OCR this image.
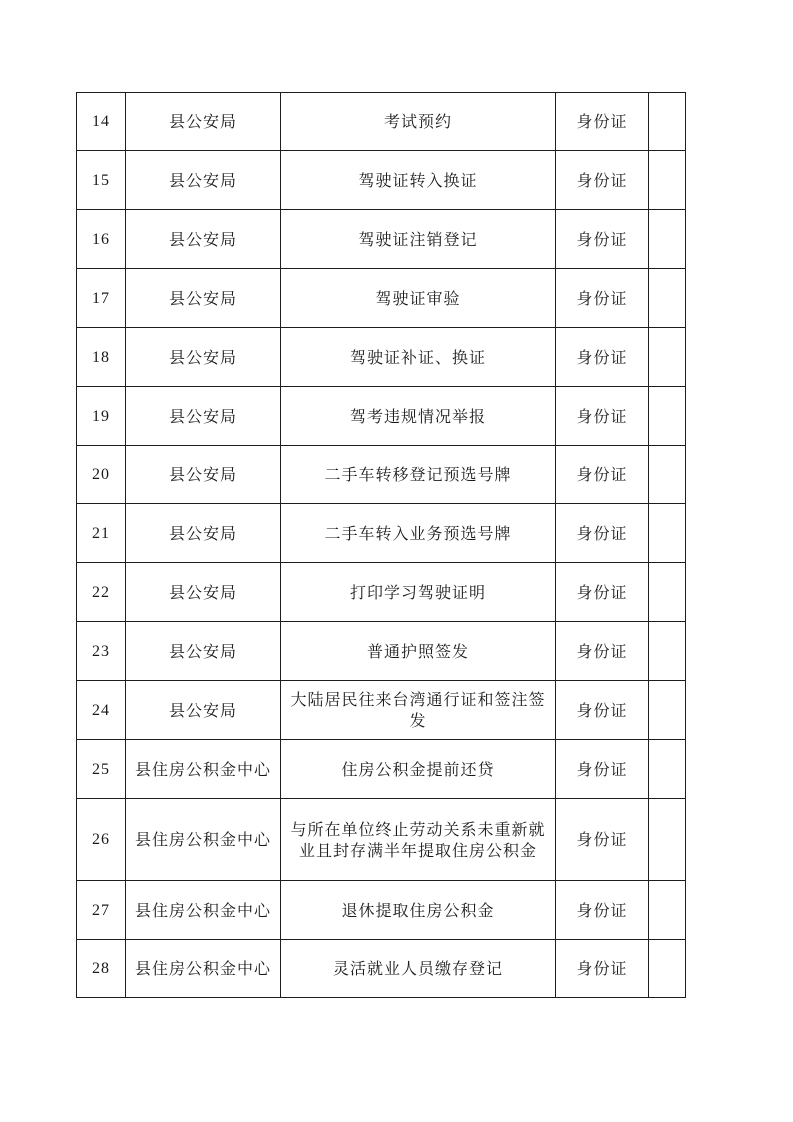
14	县公安局	考试预约	身份证	
15	县公安局	驾驶证转入换证	身份证	
16	县公安局	驾驶证注销登记	身份证	
17	县公安局	驾驶证审验	身份证	
18	县公安局	驾驶证补证、换证	身份证	
19	县公安局	驾考违规情况举报	身份证	
20	县公安局	二手车转移登记预选号牌	身份证	
21	县公安局	二手车转入业务预选号牌	身份证	
22	县公安局	打印学习驾驶证明	身份证	
23	县公安局	普通护照签发	身份证	
24	县公安局	大陆居民往来台湾通行证和签注签发	身份证	
25	县住房公积金中心	住房公积金提前还贷	身份证	
26	县住房公积金中心	与所在单位终止劳动关系未重新就业且封存满半年提取住房公积金	身份证	
27	县住房公积金中心	退休提取住房公积金	身份证	
28	县住房公积金中心	灵活就业人员缴存登记	身份证	
